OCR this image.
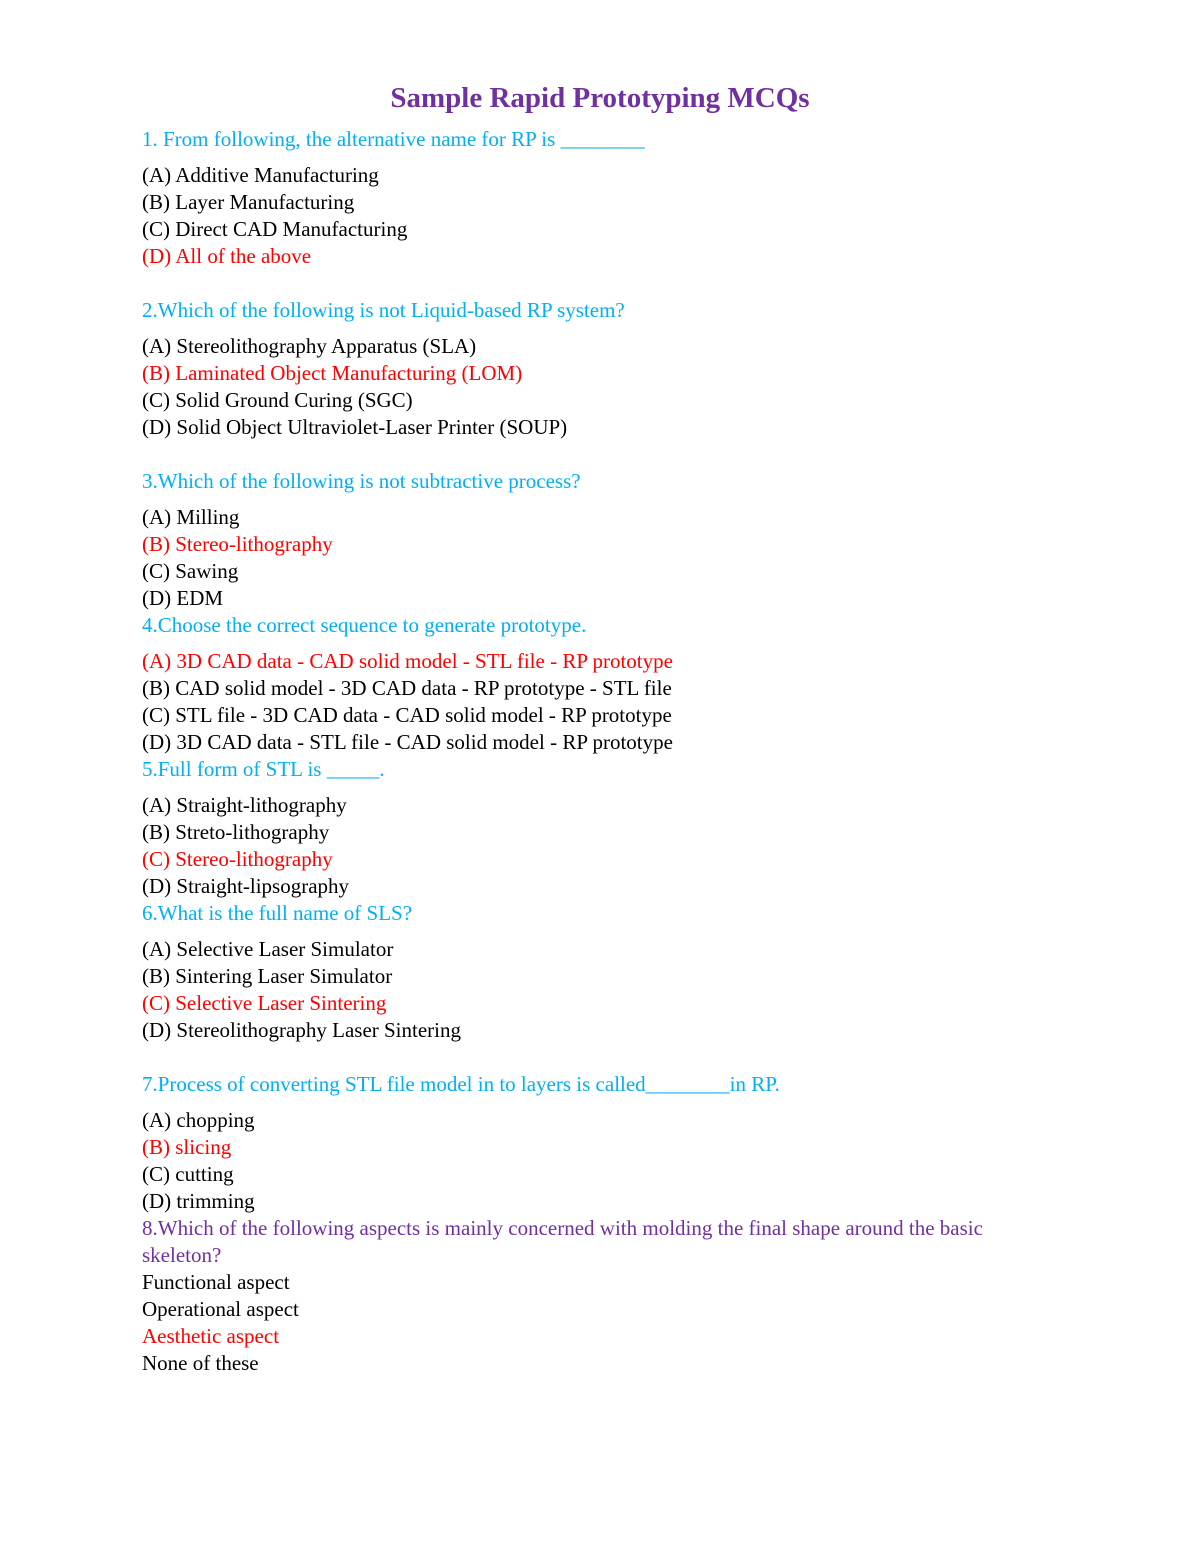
Sample Rapid Prototyping MCQs
1. From following, the alternative name for RP is ________
(A) Additive Manufacturing
(B) Layer Manufacturing
(C) Direct CAD Manufacturing
(D) All of the above
2.Which of the following is not Liquid-based RP system?
(A) Stereolithography Apparatus (SLA)
(B) Laminated Object Manufacturing (LOM)
(C) Solid Ground Curing (SGC)
(D) Solid Object Ultraviolet-Laser Printer (SOUP)
3.Which of the following is not subtractive process?
(A) Milling
(B) Stereo-lithography
(C) Sawing
(D) EDM
4.Choose the correct sequence to generate prototype.
(A) 3D CAD data - CAD solid model - STL file - RP prototype
(B) CAD solid model - 3D CAD data - RP prototype - STL file
(C) STL file - 3D CAD data - CAD solid model - RP prototype
(D) 3D CAD data - STL file - CAD solid model - RP prototype
5.Full form of STL is _____.
(A) Straight-lithography
(B) Streto-lithography
(C) Stereo-lithography
(D) Straight-lipsography
6.What is the full name of SLS?
(A) Selective Laser Simulator
(B) Sintering Laser Simulator
(C) Selective Laser Sintering
(D) Stereolithography Laser Sintering
7.Process of converting STL file model in to layers is called________in RP.
(A) chopping
(B) slicing
(C) cutting
(D) trimming
8.Which of the following aspects is mainly concerned with molding the final shape around the basic skeleton?
Functional aspect
Operational aspect
Aesthetic aspect
None of these
